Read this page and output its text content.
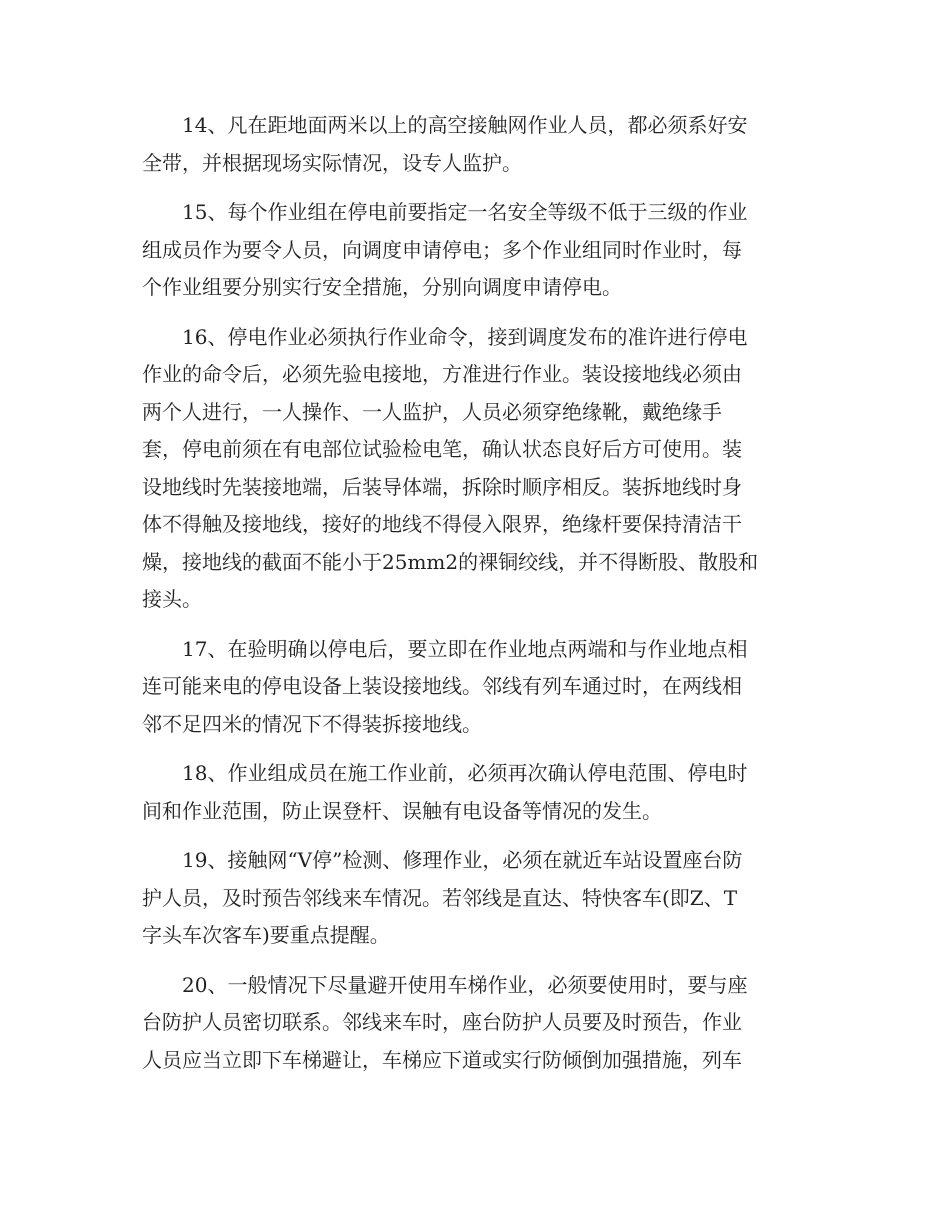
14、凡在距地面两米以上的高空接触网作业人员，都必须系好安
全带，并根据现场实际情况，设专人监护。
15、每个作业组在停电前要指定一名安全等级不低于三级的作业
组成员作为要令人员，向调度申请停电；多个作业组同时作业时，每
个作业组要分别实行安全措施，分别向调度申请停电。
16、停电作业必须执行作业命令，接到调度发布的准许进行停电
作业的命令后，必须先验电接地，方准进行作业。装设接地线必须由
两个人进行，一人操作、一人监护，人员必须穿绝缘靴，戴绝缘手
套，停电前须在有电部位试验检电笔，确认状态良好后方可使用。装
设地线时先装接地端，后装导体端，拆除时顺序相反。装拆地线时身
体不得触及接地线，接好的地线不得侵入限界，绝缘杆要保持清洁干
燥，接地线的截面不能小于25mm2的裸铜绞线，并不得断股、散股和
接头。
17、在验明确以停电后，要立即在作业地点两端和与作业地点相
连可能来电的停电设备上装设接地线。邻线有列车通过时，在两线相
邻不足四米的情况下不得装拆接地线。
18、作业组成员在施工作业前，必须再次确认停电范围、停电时
间和作业范围，防止误登杆、误触有电设备等情况的发生。
19、接触网“V停”检测、修理作业，必须在就近车站设置座台防
护人员，及时预告邻线来车情况。若邻线是直达、特快客车(即Z、T
字头车次客车)要重点提醒。
20、一般情况下尽量避开使用车梯作业，必须要使用时，要与座
台防护人员密切联系。邻线来车时，座台防护人员要及时预告，作业
人员应当立即下车梯避让，车梯应下道或实行防倾倒加强措施，列车
